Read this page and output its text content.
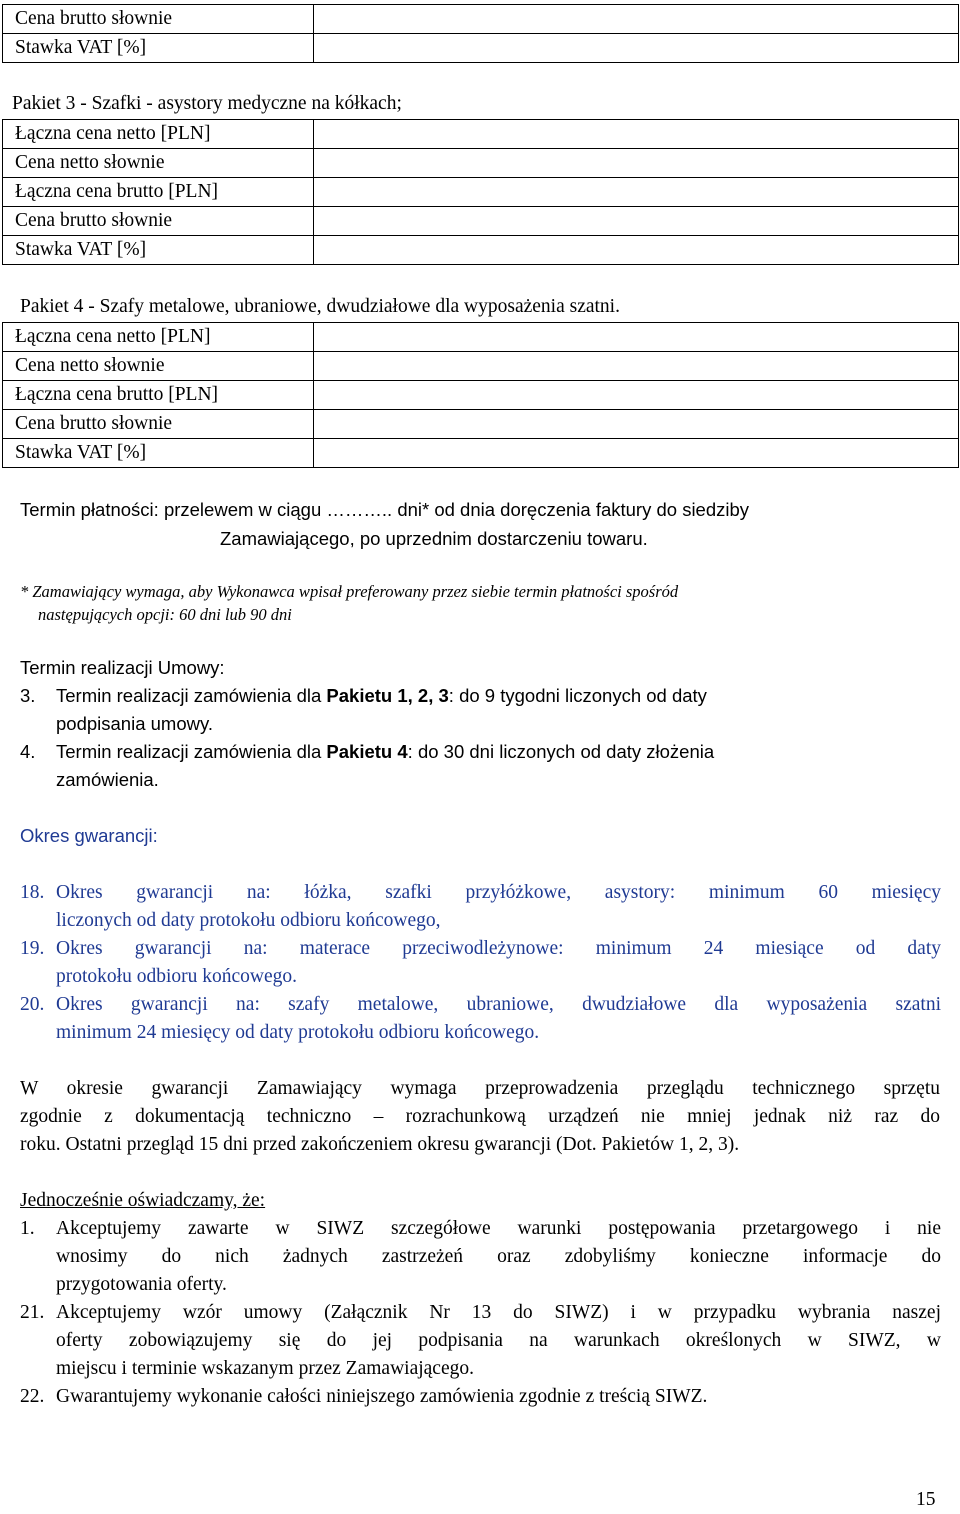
Cena brutto słownie	
Stawka VAT [%]	
Pakiet 3 - Szafki - asystory medyczne na kółkach;
Łączna cena netto [PLN]	
Cena netto słownie	
Łączna cena brutto [PLN]	
Cena brutto słownie	
Stawka VAT [%]	
Pakiet 4 - Szafy metalowe, ubraniowe, dwudziałowe dla wyposażenia szatni.
Łączna cena netto [PLN]	
Cena netto słownie	
Łączna cena brutto [PLN]	
Cena brutto słownie	
Stawka VAT [%]	
Termin płatności: przelewem w ciągu ……….. dni* od dnia doręczenia faktury do siedziby
Zamawiającego, po uprzednim dostarczeniu towaru.
* Zamawiający wymaga, aby Wykonawca wpisał preferowany przez siebie termin płatności spośród
następujących opcji: 60 dni lub 90 dni
Termin realizacji Umowy:
3. Termin realizacji zamówienia dla Pakietu 1, 2, 3: do 9 tygodni liczonych od daty
podpisania umowy.
4. Termin realizacji zamówienia dla Pakietu 4: do 30 dni liczonych od daty złożenia
zamówienia.
Okres gwarancji:
18. Okres gwarancji na: łóżka, szafki przyłóżkowe, asystory: minimum 60 miesięcy
liczonych od daty protokołu odbioru końcowego,
19. Okres gwarancji na: materace przeciwodleżynowe: minimum 24 miesiące od daty
protokołu odbioru końcowego.
20. Okres gwarancji na: szafy metalowe, ubraniowe, dwudziałowe dla wyposażenia szatni
minimum 24 miesięcy od daty protokołu odbioru końcowego.
W okresie gwarancji Zamawiający wymaga przeprowadzenia przeglądu technicznego sprzętu
zgodnie z dokumentacją techniczno – rozrachunkową urządzeń nie mniej jednak niż raz do
roku. Ostatni przegląd 15 dni przed zakończeniem okresu gwarancji (Dot. Pakietów 1, 2, 3).
Jednocześnie oświadczamy, że:
1. Akceptujemy zawarte w SIWZ szczegółowe warunki postępowania przetargowego i nie
wnosimy do nich żadnych zastrzeżeń oraz zdobyliśmy konieczne informacje do
przygotowania oferty.
21. Akceptujemy wzór umowy (Załącznik Nr 13 do SIWZ) i w przypadku wybrania naszej
oferty zobowiązujemy się do jej podpisania na warunkach określonych w SIWZ, w
miejscu i terminie wskazanym przez Zamawiającego.
22. Gwarantujemy wykonanie całości niniejszego zamówienia zgodnie z treścią SIWZ.
15
